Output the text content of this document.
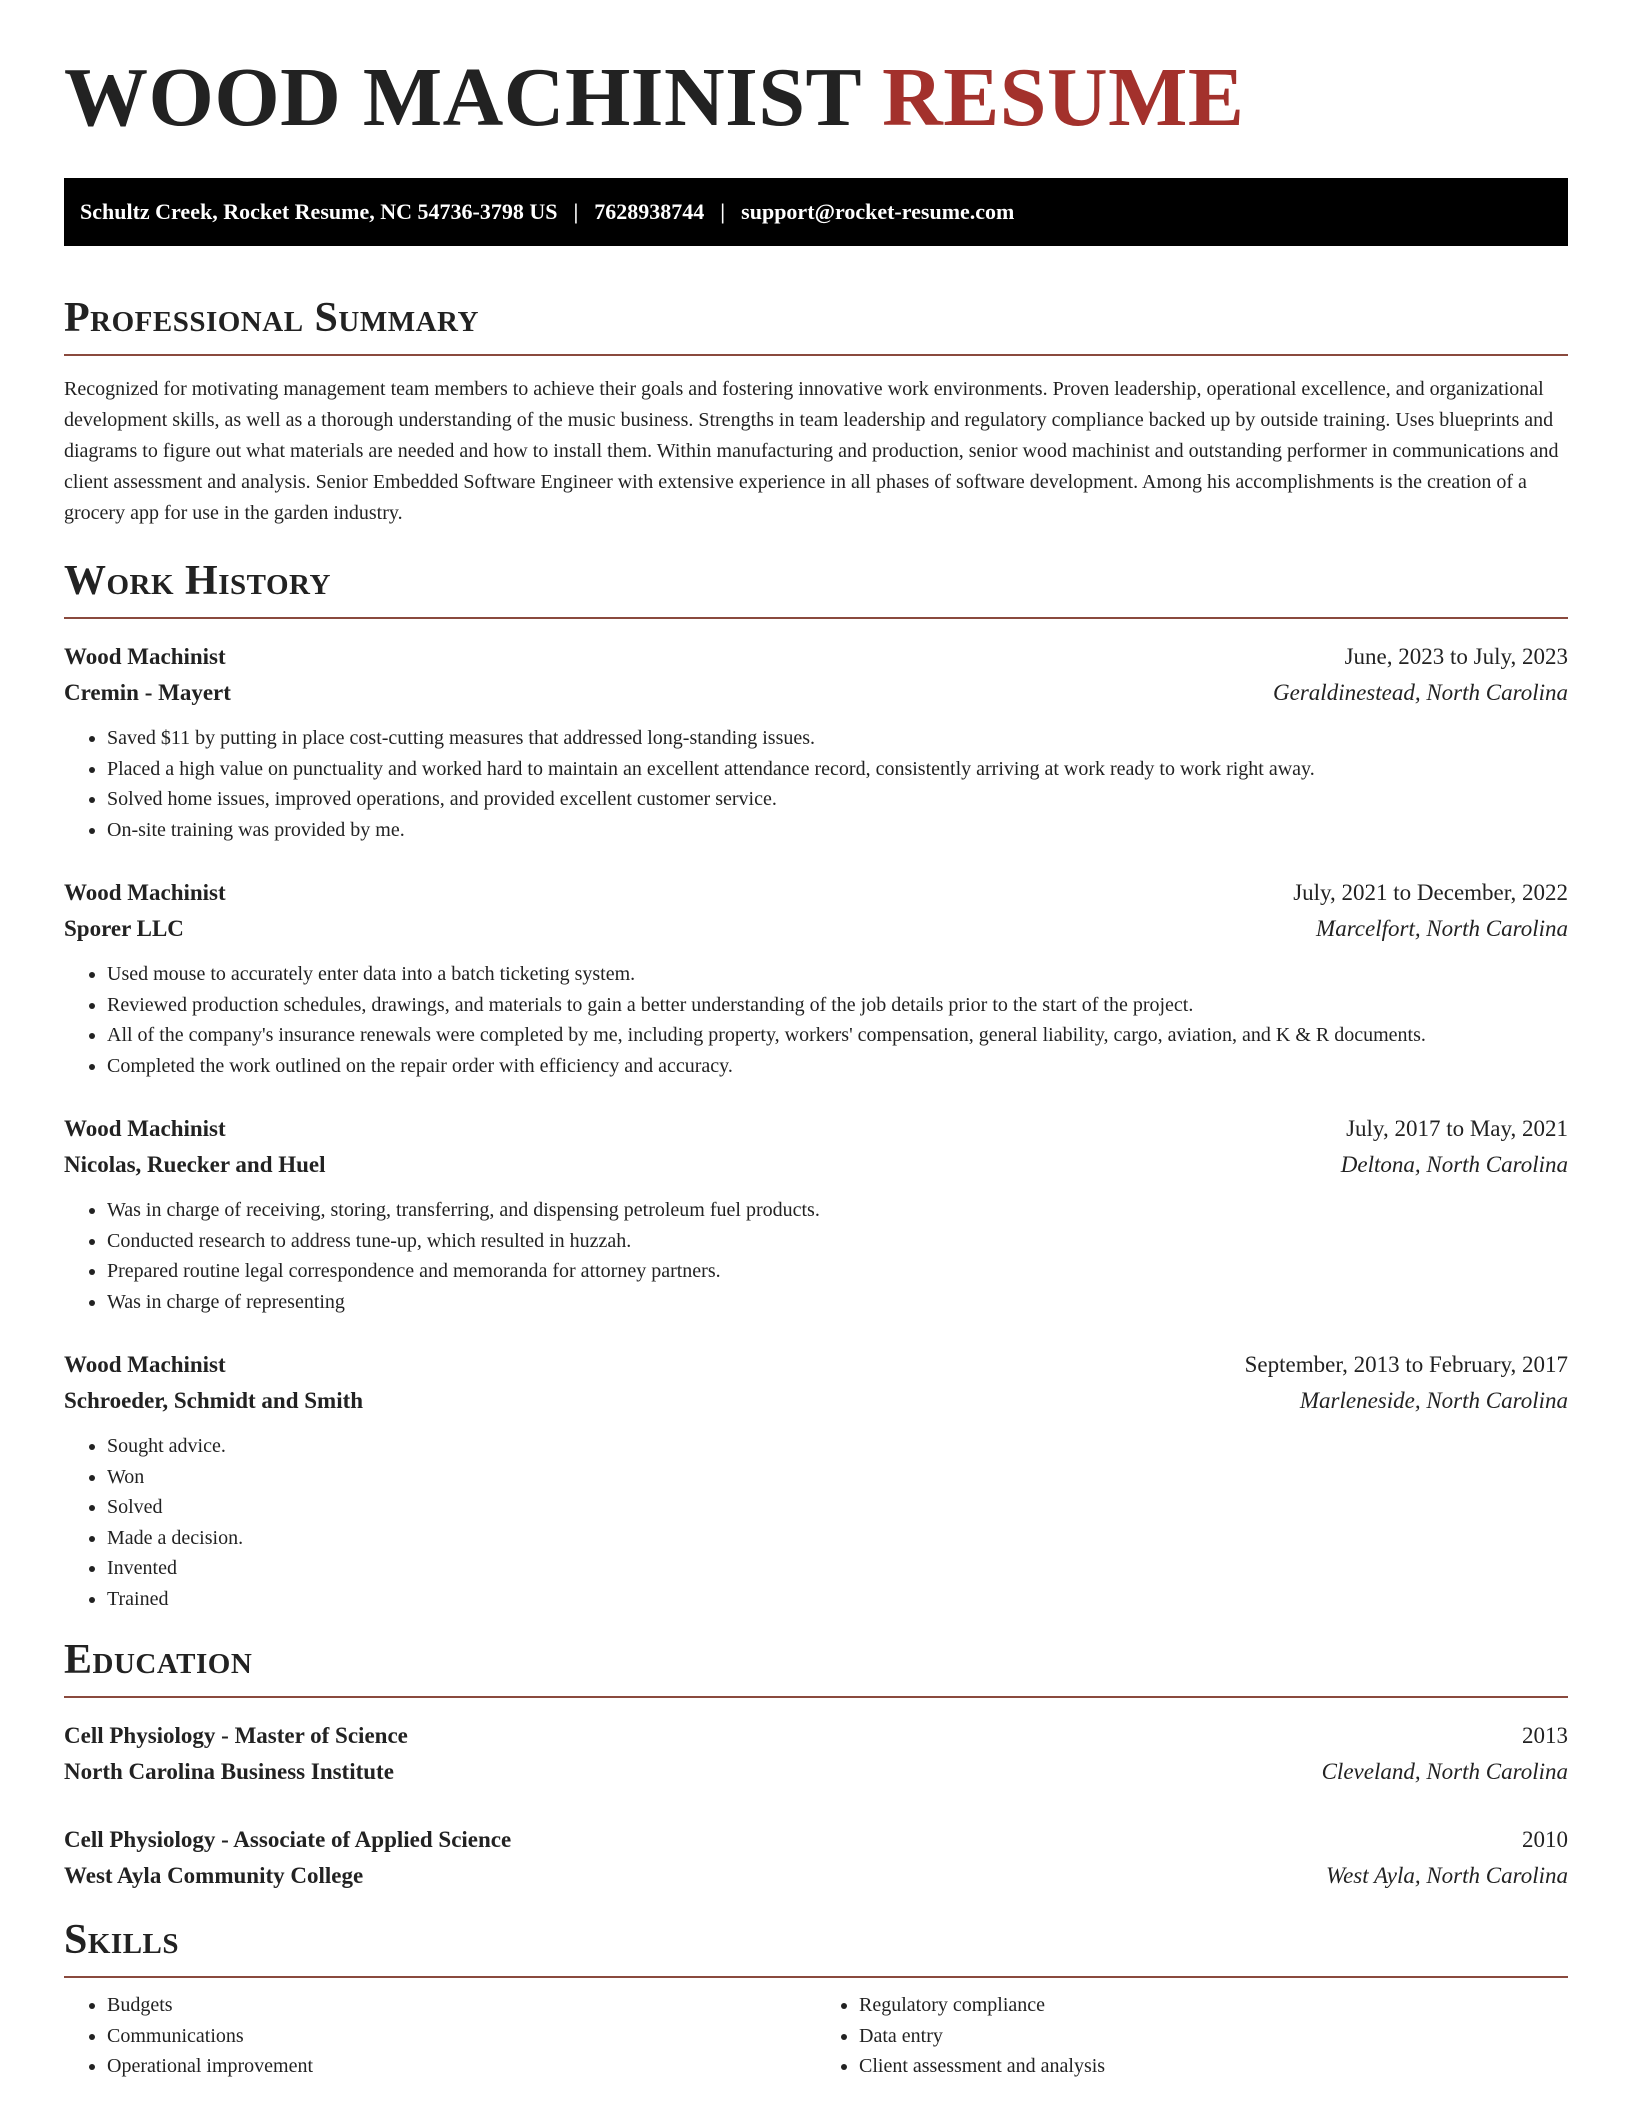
WOOD MACHINIST RESUME
Schultz Creek, Rocket Resume, NC 54736-3798 US | 7628938744 | support@rocket-resume.com
Professional Summary

Recognized for motivating management team members to achieve their goals and fostering innovative work environments. Proven leadership, operational excellence, and organizational development skills, as well as a thorough understanding of the music business. Strengths in team leadership and regulatory compliance backed up by outside training. Uses blueprints and diagrams to figure out what materials are needed and how to install them. Within manufacturing and production, senior wood machinist and outstanding performer in communications and client assessment and analysis. Senior Embedded Software Engineer with extensive experience in all phases of software development. Among his accomplishments is the creation of a grocery app for use in the garden industry.

Work History
Wood Machinist	June, 2023 to July, 2023
Cremin - Mayert	Geraldinestead, North Carolina
• Saved $11 by putting in place cost-cutting measures that addressed long-standing issues.
• Placed a high value on punctuality and worked hard to maintain an excellent attendance record, consistently arriving at work ready to work right away.
• Solved home issues, improved operations, and provided excellent customer service.
• On-site training was provided by me.
Wood Machinist	July, 2021 to December, 2022
Sporer LLC	Marcelfort, North Carolina
• Used mouse to accurately enter data into a batch ticketing system.
• Reviewed production schedules, drawings, and materials to gain a better understanding of the job details prior to the start of the project.
• All of the company's insurance renewals were completed by me, including property, workers' compensation, general liability, cargo, aviation, and K & R documents.
• Completed the work outlined on the repair order with efficiency and accuracy.
Wood Machinist	July, 2017 to May, 2021
Nicolas, Ruecker and Huel	Deltona, North Carolina
• Was in charge of receiving, storing, transferring, and dispensing petroleum fuel products.
• Conducted research to address tune-up, which resulted in huzzah.
• Prepared routine legal correspondence and memoranda for attorney partners.
• Was in charge of representing
Wood Machinist	September, 2013 to February, 2017
Schroeder, Schmidt and Smith	Marleneside, North Carolina
• Sought advice.
• Won
• Solved
• Made a decision.
• Invented
• Trained
Education
Cell Physiology - Master of Science	2013
North Carolina Business Institute	Cleveland, North Carolina
Cell Physiology - Associate of Applied Science	2010
West Ayla Community College	West Ayla, North Carolina
Skills
• Budgets
• Communications
• Operational improvement
• Regulatory compliance
• Data entry
• Client assessment and analysis
